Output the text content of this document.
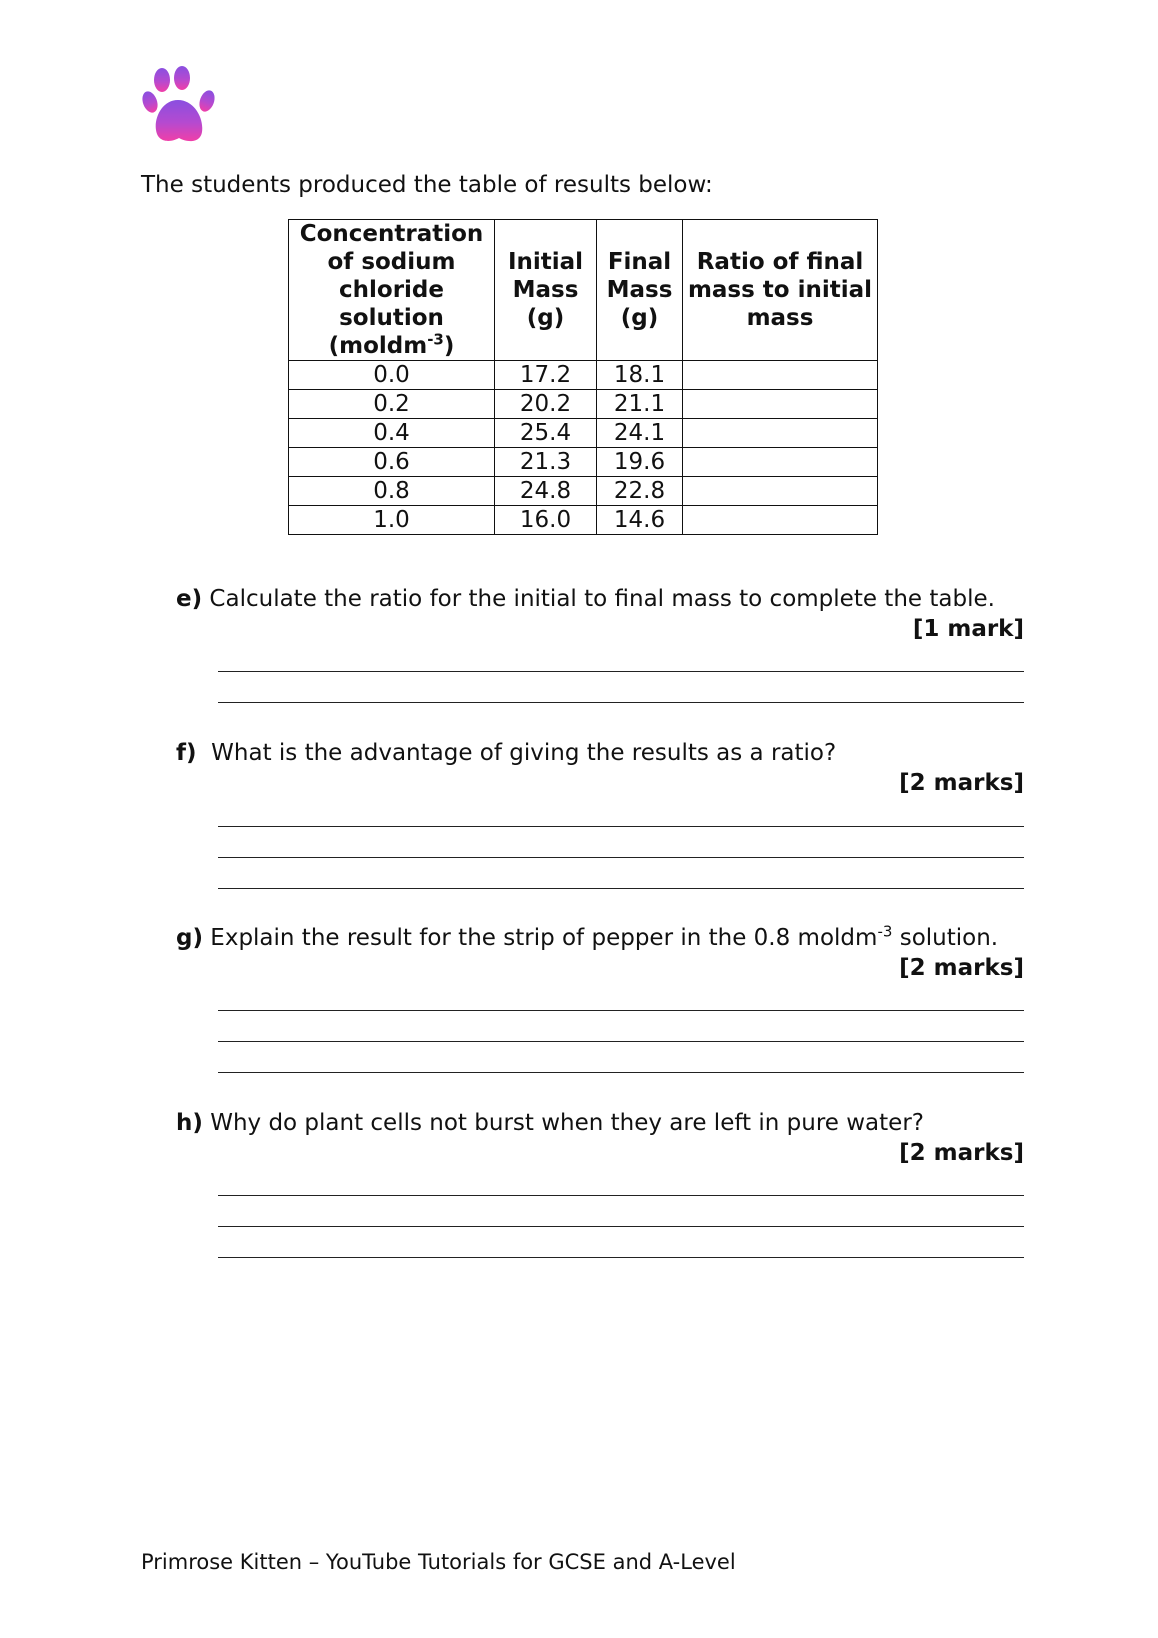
The students produced the table of results below:
Concentration of sodium chloride solution
(moldm$^{-3}$)	Initial Mass (g)	Final Mass (g)	Ratio of final mass to initial mass
0.0	17.2	18.1	
0.2	20.2	21.1	
0.4	25.4	24.1	
0.6	21.3	19.6	
0.8	24.8	22.8	
1.0	16.0	14.6	
e) Calculate the ratio for the initial to final mass to complete the table.
[1 mark]
f)  What is the advantage of giving the results as a ratio?
[2 marks]
g) Explain the result for the strip of pepper in the 0.8 moldm$^{-3}$ solution.
[2 marks]
h) Why do plant cells not burst when they are left in pure water?
[2 marks]
Primrose Kitten – YouTube Tutorials for GCSE and A-Level
